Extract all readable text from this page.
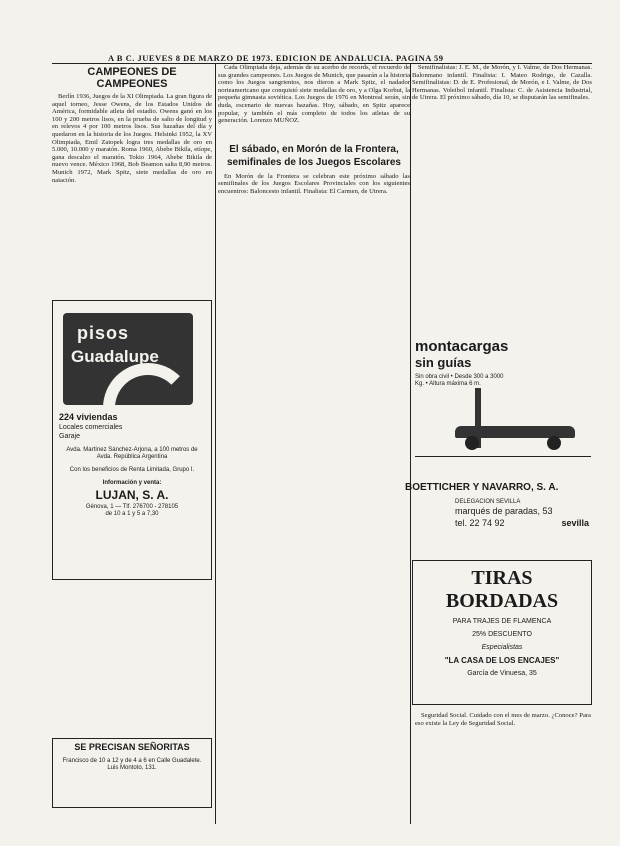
A B C. JUEVES 8 DE MARZO DE 1973. EDICION DE ANDALUCIA. PAGINA 59
CAMPEONES DE CAMPEONES

Berlín 1936, Juegos de la XI Olimpiada. La gran figura de aquel torneo, Jesse Owens, de los Estados Unidos de América, formidable atleta del estadio. Owens ganó en los 100 y 200 metros lisos, en la prueba de salto de longitud y en relevos 4 por 100 metros lisos. Sus hazañas del día y quedaron en la historia de los Juegos. Helsinki 1952, la XV Olimpiada, Emil Zatopek logra tres medallas de oro en 5.000, 10.000 y maratón. Roma 1960, Abebe Bikila, etíope, gana descalzo el maratón. Tokio 1964, Abebe Bikila de nuevo vence. México 1968, Bob Beamon salta 8,90 metros. Munich 1972, Mark Spitz, siete medallas de oro en natación.

pisos
Guadalupe
224 viviendas
Locales comerciales
Garaje
Avda. Martínez Sánchez-Arjona, a 100 metros de Avda. República Argentina
Con los beneficios de Renta Limitada, Grupo I.
Información y venta:
LUJAN, S. A.
Génova, 1 — Tlf. 276700 - 278105
de 10 a 1 y 5 a 7,30
SE PRECISAN SEÑORITAS
Francisco de 10 a 12 y de 4 a 6 en Calle Guadalete. Luis Montoto, 131.

Cada Olimpiada deja, además de su acerbo de records, el recuerdo de sus grandes campeones. Los Juegos de Munich, que pasarán a la historia como los Juegos sangrientos, nos dieron a Mark Spitz, el nadador norteamericano que conquistó siete medallas de oro, y a Olga Korbut, la pequeña gimnasta soviética. Los Juegos de 1976 en Montreal serán, sin duda, escenario de nuevas hazañas. Hoy, sábado, en Spitz aparece popular, y también el más completo de todos los atletas de su generación. Lorenzo MUÑOZ.

El sábado, en Morón de la Frontera, semifinales de los Juegos Escolares

En Morón de la Frontera se celebran este próximo sábado las semifinales de los Juegos Escolares Provinciales con los siguientes encuentros: Baloncesto infantil. Finalista: El Carmen, de Utrera.

Semifinalistas: J. E. M., de Morón, y I. Valme, de Dos Hermanas. Balonmano infantil. Finalista: I. Mateo Rodrigo, de Cazalla. Semifinalistas: D. de E. Profesional, de Morón, e I. Valme, de Dos Hermanas. Voleibol infantil. Finalista: C. de Asistencia Industrial, de Utrera. El próximo sábado, día 10, se disputarán las semifinales.

montacargas
sin guías
Sin obra civil • Desde 300 a 3000 Kg. • Altura máxima 6 m.
BOETTICHER Y NAVARRO, S. A.
DELEGACION SEVILLA
marqués de paradas, 53
tel. 22 74 92	sevilla
TIRAS BORDADAS
PARA TRAJES DE FLAMENCA
25% DESCUENTO
Especialistas
"LA CASA DE LOS ENCAJES"
García de Vinuesa, 35

Seguridad Social. Cuidado con el mes de marzo. ¿Conoce? Para eso existe la Ley de Seguridad Social.
